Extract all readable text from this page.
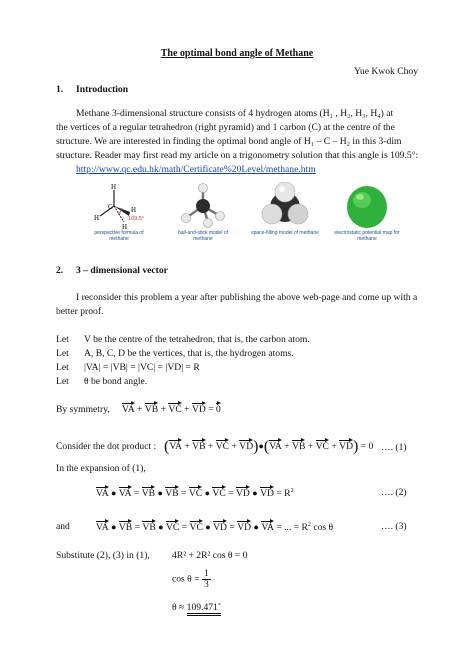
The optimal bond angle of Methane
Yue Kwok Choy
1. Introduction
Methane 3-dimensional structure consists of 4 hydrogen atoms (H₁ , H₂, H₃, H₄) at
the vertices of a regular tetrahedron (right pyramid) and 1 carbon (C) at the centre of the
structure. We are interested in finding the optimal bond angle of H₁ – C – H₂ in this 3-dim
structure. Reader may first read my article on a trigonometry solution that this angle is 109.5°:
http://www.qc.edu.hk/math/Certificate%20Level/methane.htm
H
H
C	H
H
109.5°
perspective formula of methane
ball-and-stick model of methane
space-filling model of methane	electrostatic potential map for methane
2. 3 – dimensional vector
I reconsider this problem a year after publishing the above web-page and come up with a
better proof.
Let V be the centre of the tetrahedron, that is, the carbon atom.
Let A, B, C, D be the vertices, that is, the hydrogen atoms.
Let |VA| = |VB| = |VC| = |VD| = R
Let θ be bond angle.
By symmetry, VA + VB + VC + VD = 0
Consider the dot product : (VA + VB + VC + VD)●(VA + VB + VC + VD) = 0 …. (1)
In the expansion of (1),
VA ● VA = VB ● VB = VC ● VC = VD ● VD = $R^2$	…. (2)
and	VA ● VB = VB ● VC = VC ● VD = VD ● VA = ... = $R^2$ cos θ	…. (3)
Substitute (2), (3) in (1), 4R² + 2R² cos θ = 0
$\cos \theta = \frac{1}{3}$
θ ≈ 109.471˚
